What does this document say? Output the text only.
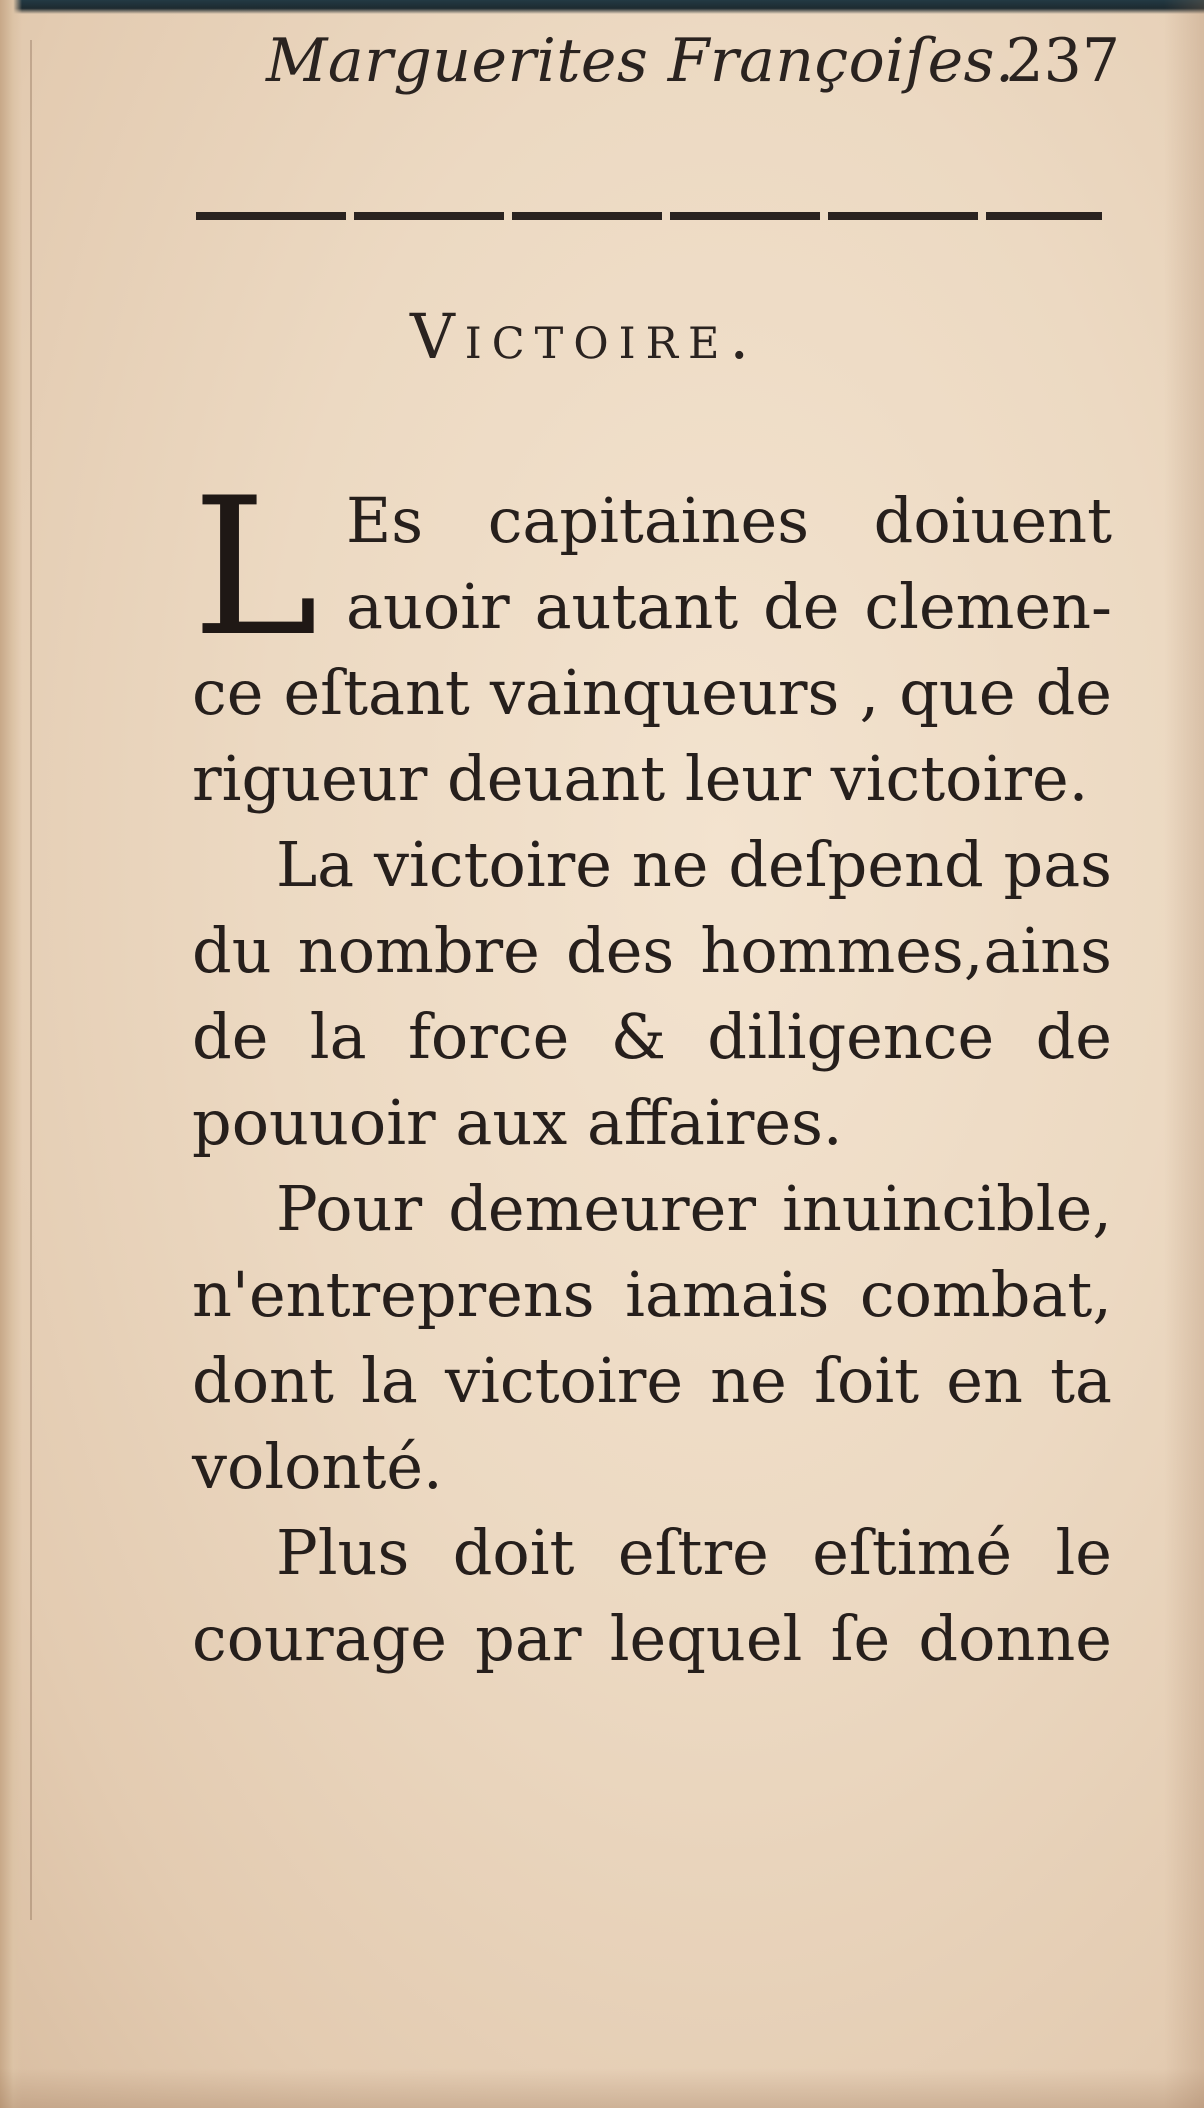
Marguerites Françoiſes.
237
Victoire.
L Es capitaines doiuent
auoir autant de clemen-
ce eſtant vainqueurs , que de
rigueur deuant leur victoire.
La victoire ne deſpend pas
du nombre des hommes,ains
de la force & diligence de
pouuoir aux affaires.
Pour demeurer inuincible,
n'entreprens iamais combat,
dont la victoire ne ſoit en ta
volonté.
Plus doit eſtre eſtimé le
courage par lequel ſe donne
